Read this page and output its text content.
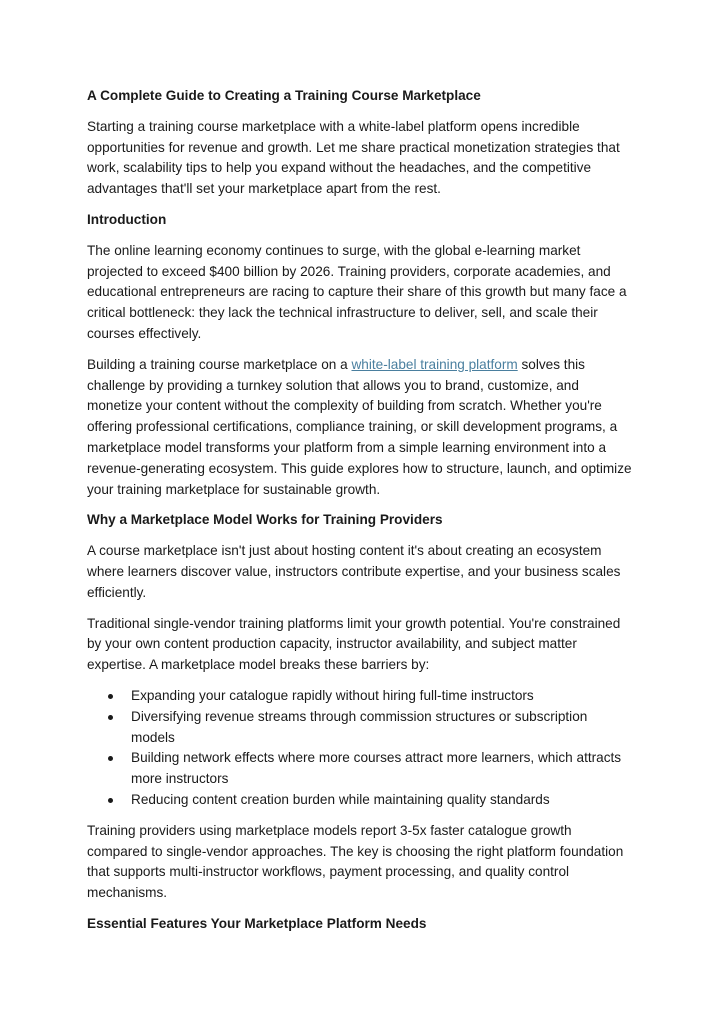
A Complete Guide to Creating a Training Course Marketplace

Starting a training course marketplace with a white-label platform opens incredible opportunities for revenue and growth. Let me share practical monetization strategies that work, scalability tips to help you expand without the headaches, and the competitive advantages that'll set your marketplace apart from the rest.

Introduction

The online learning economy continues to surge, with the global e-learning market projected to exceed $400 billion by 2026. Training providers, corporate academies, and educational entrepreneurs are racing to capture their share of this growth but many face a critical bottleneck: they lack the technical infrastructure to deliver, sell, and scale their courses effectively.

Building a training course marketplace on a white-label training platform solves this challenge by providing a turnkey solution that allows you to brand, customize, and monetize your content without the complexity of building from scratch. Whether you're offering professional certifications, compliance training, or skill development programs, a marketplace model transforms your platform from a simple learning environment into a revenue-generating ecosystem. This guide explores how to structure, launch, and optimize your training marketplace for sustainable growth.

Why a Marketplace Model Works for Training Providers

A course marketplace isn't just about hosting content it's about creating an ecosystem where learners discover value, instructors contribute expertise, and your business scales efficiently.

Traditional single-vendor training platforms limit your growth potential. You're constrained by your own content production capacity, instructor availability, and subject matter expertise. A marketplace model breaks these barriers by:

Expanding your catalogue rapidly without hiring full-time instructors
Diversifying revenue streams through commission structures or subscription models
Building network effects where more courses attract more learners, which attracts more instructors
Reducing content creation burden while maintaining quality standards

Training providers using marketplace models report 3-5x faster catalogue growth compared to single-vendor approaches. The key is choosing the right platform foundation that supports multi-instructor workflows, payment processing, and quality control mechanisms.

Essential Features Your Marketplace Platform Needs
